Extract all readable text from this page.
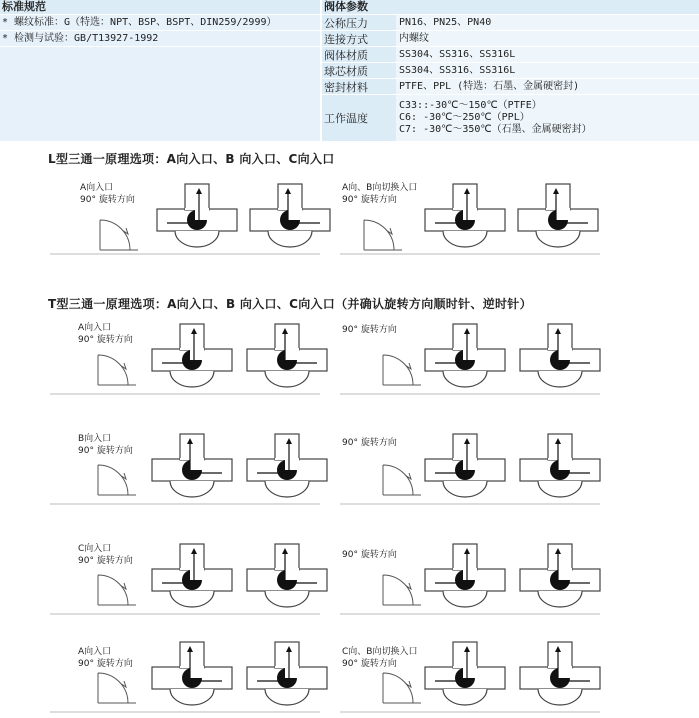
标准规范
* 螺纹标准：G（特选：NPT、BSP、BSPT、DIN259/2999）
* 检测与试验：GB/T13927-1992
阀体参数
公称压力	PN16、PN25、PN40
连接方式	内螺纹
阀体材质	SS304、SS316、SS316L
球芯材质	SS304、SS316、SS316L
密封材料	PTFE、PPL (特选：石墨、金属硬密封)
工作温度
C33::-30℃～150℃（PTFE）
C6: -30℃～250℃（PPL）
C7: -30℃～350℃（石墨、金属硬密封）
L型三通一原理选项：A向入口、B 向入口、C向入口
A向入口
90° 旋转方向
A向、B向切换入口
90° 旋转方向
T型三通一原理选项：A向入口、B 向入口、C向入口（并确认旋转方向顺时针、逆时针）
A向入口
90° 旋转方向
90° 旋转方向
B向入口
90° 旋转方向
90° 旋转方向
C向入口
90° 旋转方向
90° 旋转方向
A向入口
90° 旋转方向
C向、B向切换入口
90° 旋转方向
